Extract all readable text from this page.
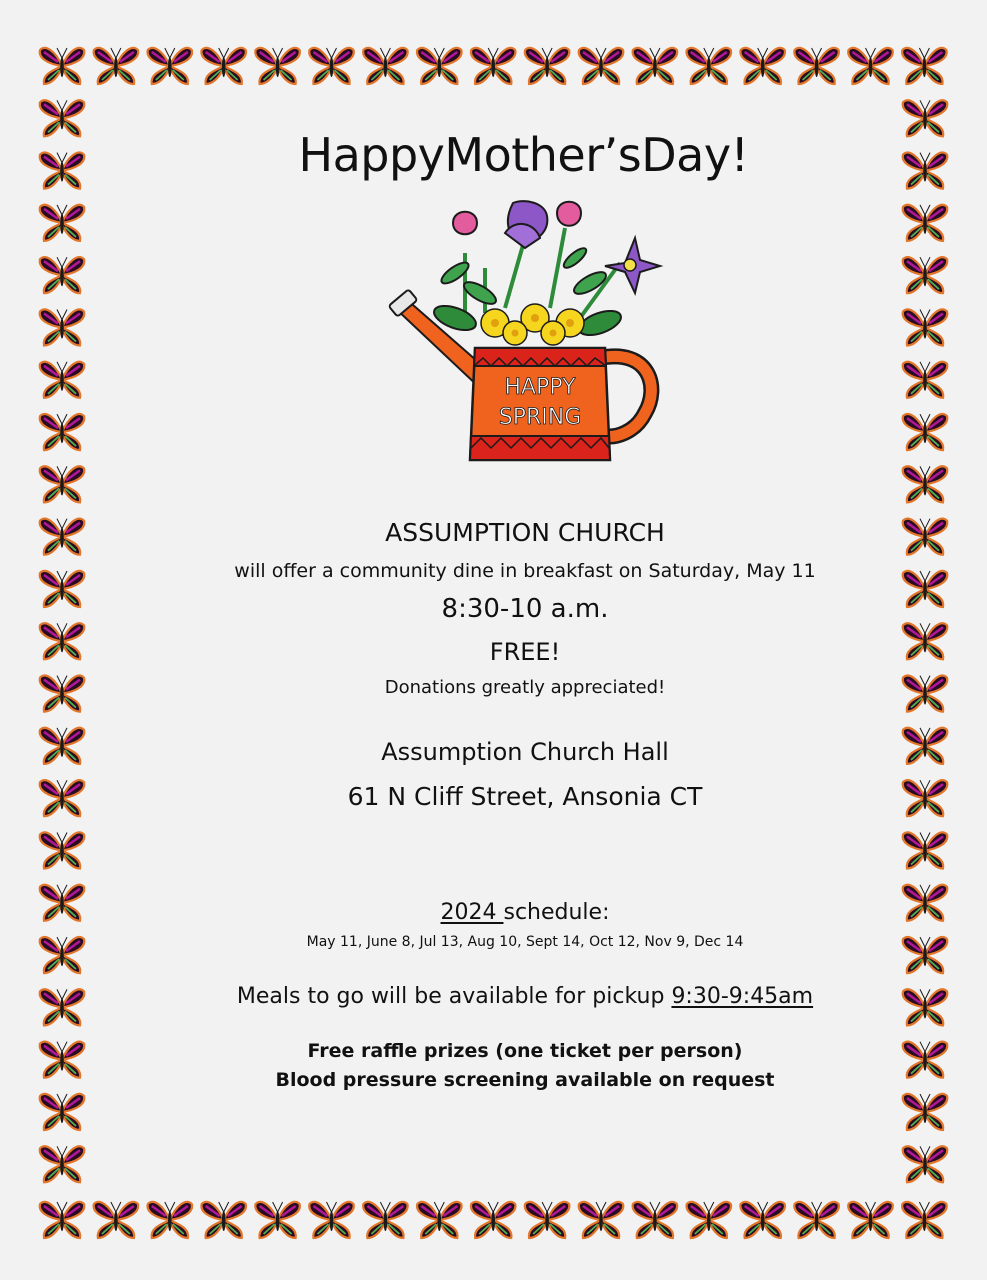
HappyMother’sDay!
HAPPY
SPRING
ASSUMPTION CHURCH
will offer a community dine in breakfast on Saturday, May 11
8:30-10 a.m.
FREE!
Donations greatly appreciated!
Assumption Church Hall
61 N Cliff Street, Ansonia CT
2024 schedule:
May 11, June 8, Jul 13, Aug 10, Sept 14, Oct 12, Nov 9, Dec 14
Meals to go will be available for pickup 9:30-9:45am
Free raffle prizes (one ticket per person)
Blood pressure screening available on request
